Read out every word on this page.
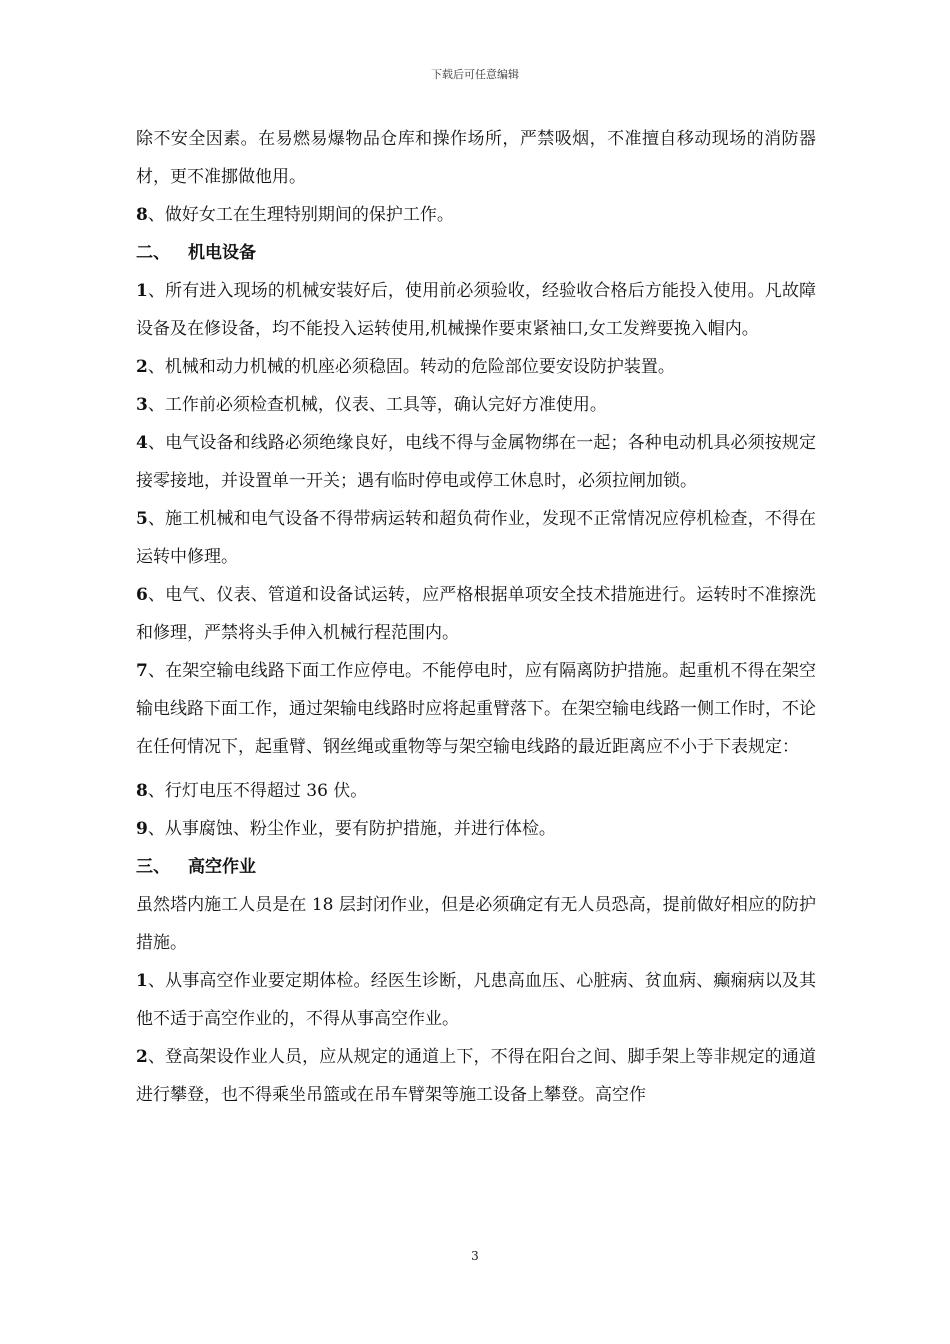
下载后可任意编辑

除不安全因素。在易燃易爆物品仓库和操作场所，严禁吸烟，不准擅自移动现场的消防器材，更不准挪做他用。

8、做好女工在生理特别期间的保护工作。

二、 机电设备

1、所有进入现场的机械安装好后，使用前必须验收，经验收合格后方能投入使用。凡故障设备及在修设备，均不能投入运转使用,机械操作要束紧袖口,女工发辫要挽入帽内。

2、机械和动力机械的机座必须稳固。转动的危险部位要安设防护装置。

3、工作前必须检查机械，仪表、工具等，确认完好方准使用。

4、电气设备和线路必须绝缘良好，电线不得与金属物绑在一起；各种电动机具必须按规定接零接地，并设置单一开关；遇有临时停电或停工休息时，必须拉闸加锁。

5、施工机械和电气设备不得带病运转和超负荷作业，发现不正常情况应停机检查，不得在运转中修理。

6、电气、仪表、管道和设备试运转，应严格根据单项安全技术措施进行。运转时不准擦洗和修理，严禁将头手伸入机械行程范围内。

7、在架空输电线路下面工作应停电。不能停电时，应有隔离防护措施。起重机不得在架空输电线路下面工作，通过架输电线路时应将起重臂落下。在架空输电线路一侧工作时，不论在任何情况下，起重臂、钢丝绳或重物等与架空输电线路的最近距离应不小于下表规定：

8、行灯电压不得超过 36 伏。

9、从事腐蚀、粉尘作业，要有防护措施，并进行体检。

三、 高空作业

虽然塔内施工人员是在 18 层封闭作业，但是必须确定有无人员恐高，提前做好相应的防护措施。

1、从事高空作业要定期体检。经医生诊断，凡患高血压、心脏病、贫血病、癫痫病以及其他不适于高空作业的，不得从事高空作业。

2、登高架设作业人员，应从规定的通道上下，不得在阳台之间、脚手架上等非规定的通道进行攀登，也不得乘坐吊篮或在吊车臂架等施工设备上攀登。高空作

3
